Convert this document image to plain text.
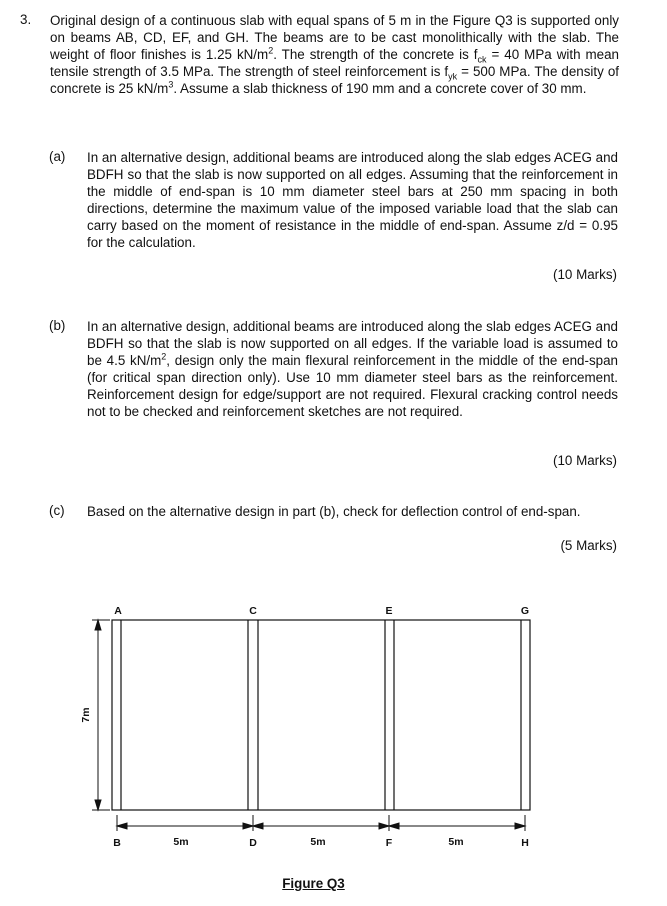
3. Original design of a continuous slab with equal spans of 5 m in the Figure Q3 is supported only on beams AB, CD, EF, and GH. The beams are to be cast monolithically with the slab. The weight of floor finishes is 1.25 $kN/m^2$. The strength of the concrete is $f_{ck} = 40$ MPa with mean tensile strength of 3.5 MPa. The strength of steel reinforcement is $f_{yk} = 500$ MPa. The density of concrete is 25 $kN/m^3$. Assume a slab thickness of 190 mm and a concrete cover of 30 mm.
(a) In an alternative design, additional beams are introduced along the slab edges ACEG and BDFH so that the slab is now supported on all edges. Assuming that the reinforcement in the middle of end-span is 10 mm diameter steel bars at 250 mm spacing in both directions, determine the maximum value of the imposed variable load that the slab can carry based on the moment of resistance in the middle of end-span. Assume z/d = 0.95 for the calculation.
(10 Marks)
(b) In an alternative design, additional beams are introduced along the slab edges ACEG and BDFH so that the slab is now supported on all edges. If the variable load is assumed to be 4.5 $kN/m^2$, design only the main flexural reinforcement in the middle of the end-span (for critical span direction only). Use 10 mm diameter steel bars as the reinforcement. Reinforcement design for edge/support are not required. Flexural cracking control needs not to be checked and reinforcement sketches are not required.
(10 Marks)
(c) Based on the alternative design in part (b), check for deflection control of end-span.
(5 Marks)
7m
A	C	E	G
B	D	F	H
5m	5m	5m
Figure Q3
